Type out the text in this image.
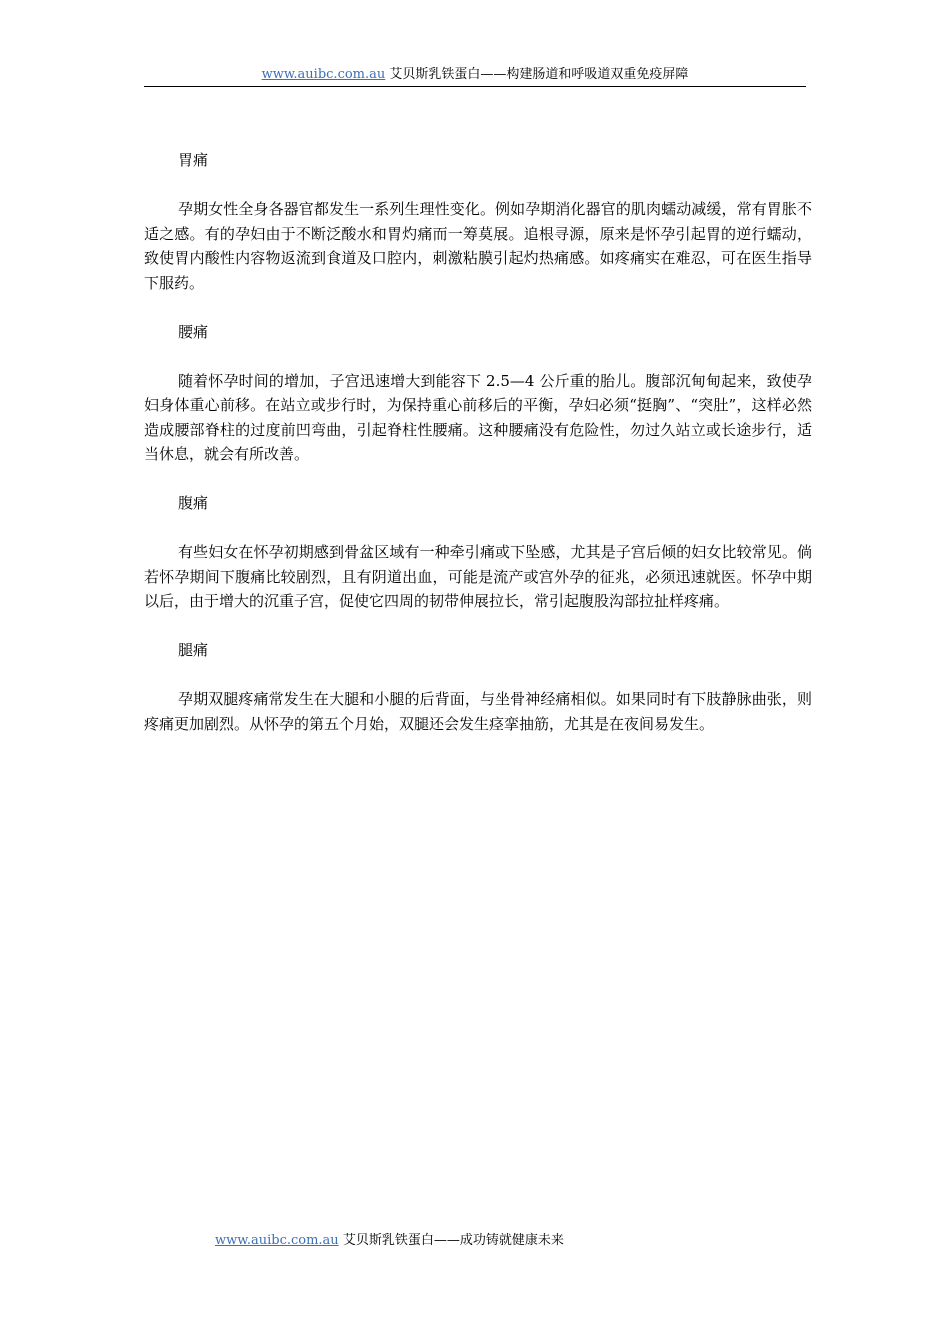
www.auibc.com.au 艾贝斯乳铁蛋白——构建肠道和呼吸道双重免疫屏障

胃痛

孕期女性全身各器官都发生一系列生理性变化。例如孕期消化器官的肌肉蠕动减缓，常有胃胀不适之感。有的孕妇由于不断泛酸水和胃灼痛而一筹莫展。追根寻源，原来是怀孕引起胃的逆行蠕动，致使胃内酸性内容物返流到食道及口腔内，刺激粘膜引起灼热痛感。如疼痛实在难忍，可在医生指导下服药。

腰痛

随着怀孕时间的增加，子宫迅速增大到能容下 2.5—4 公斤重的胎儿。腹部沉甸甸起来，致使孕妇身体重心前移。在站立或步行时，为保持重心前移后的平衡，孕妇必须“挺胸”、“突肚”，这样必然造成腰部脊柱的过度前凹弯曲，引起脊柱性腰痛。这种腰痛没有危险性，勿过久站立或长途步行，适当休息，就会有所改善。

腹痛

有些妇女在怀孕初期感到骨盆区域有一种牵引痛或下坠感，尤其是子宫后倾的妇女比较常见。倘若怀孕期间下腹痛比较剧烈，且有阴道出血，可能是流产或宫外孕的征兆，必须迅速就医。怀孕中期以后，由于增大的沉重子宫，促使它四周的韧带伸展拉长，常引起腹股沟部拉扯样疼痛。

腿痛

孕期双腿疼痛常发生在大腿和小腿的后背面，与坐骨神经痛相似。如果同时有下肢静脉曲张，则疼痛更加剧烈。从怀孕的第五个月始，双腿还会发生痉挛抽筋，尤其是在夜间易发生。

www.auibc.com.au 艾贝斯乳铁蛋白——成功铸就健康未来
